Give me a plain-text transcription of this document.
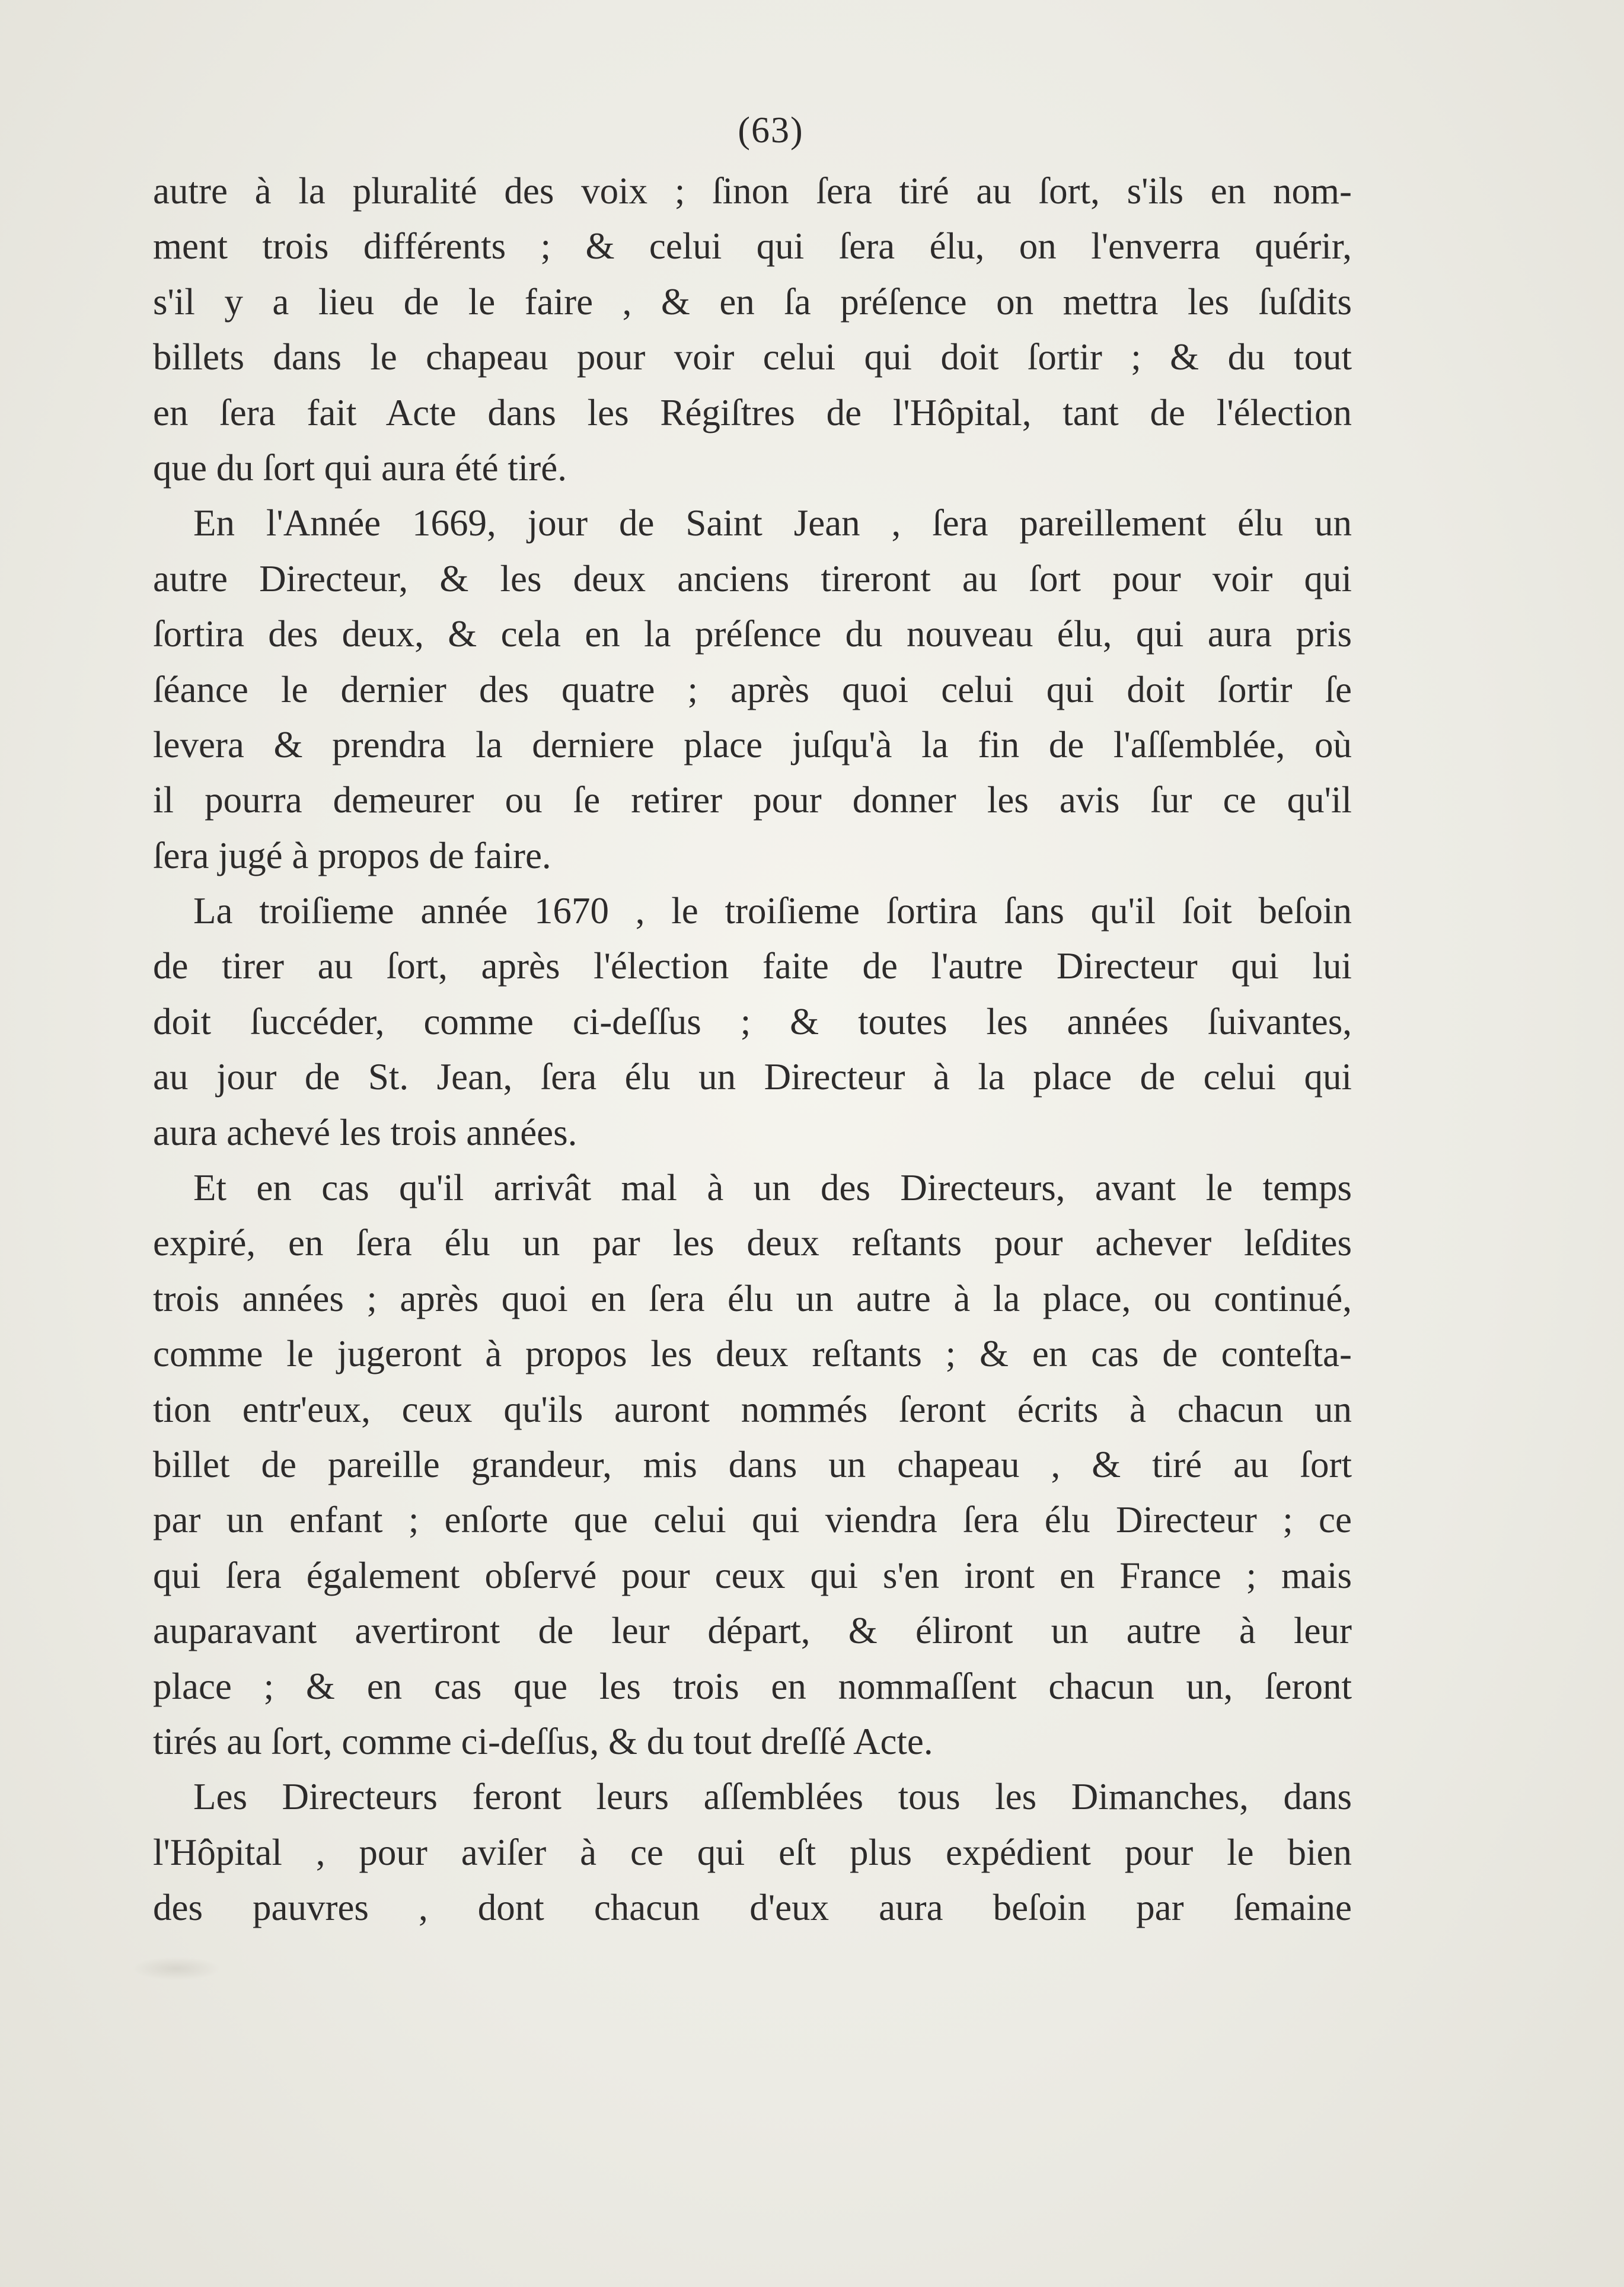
(63)
autre à la pluralité des voix ; ſinon ſera tiré au ſort, s'ils en nom-
ment trois différents ; & celui qui ſera élu, on l'enverra quérir,
s'il y a lieu de le faire , & en ſa préſence on mettra les ſuſdits
billets dans le chapeau pour voir celui qui doit ſortir ; & du tout
en ſera fait Acte dans les Régiſtres de l'Hôpital, tant de l'élection
que du ſort qui aura été tiré.
En l'Année 1669, jour de Saint Jean , ſera pareillement élu un
autre Directeur, & les deux anciens tireront au ſort pour voir qui
ſortira des deux, & cela en la préſence du nouveau élu, qui aura pris
ſéance le dernier des quatre ; après quoi celui qui doit ſortir ſe
levera & prendra la derniere place juſqu'à la fin de l'aſſemblée, où
il pourra demeurer ou ſe retirer pour donner les avis ſur ce qu'il
ſera jugé à propos de faire.
La troiſieme année 1670 , le troiſieme ſortira ſans qu'il ſoit beſoin
de tirer au ſort, après l'élection faite de l'autre Directeur qui lui
doit ſuccéder, comme ci-deſſus ; & toutes les années ſuivantes,
au jour de St. Jean, ſera élu un Directeur à la place de celui qui
aura achevé les trois années.
Et en cas qu'il arrivât mal à un des Directeurs, avant le temps
expiré, en ſera élu un par les deux reſtants pour achever leſdites
trois années ; après quoi en ſera élu un autre à la place, ou continué,
comme le jugeront à propos les deux reſtants ; & en cas de conteſta-
tion entr'eux, ceux qu'ils auront nommés ſeront écrits à chacun un
billet de pareille grandeur, mis dans un chapeau , & tiré au ſort
par un enfant ; enſorte que celui qui viendra ſera élu Directeur ; ce
qui ſera également obſervé pour ceux qui s'en iront en France ; mais
auparavant avertiront de leur départ, & éliront un autre à leur
place ; & en cas que les trois en nommaſſent chacun un, ſeront
tirés au ſort, comme ci-deſſus, & du tout dreſſé Acte.
Les Directeurs feront leurs aſſemblées tous les Dimanches, dans
l'Hôpital , pour aviſer à ce qui eſt plus expédient pour le bien
des pauvres , dont chacun d'eux aura beſoin par ſemaine
